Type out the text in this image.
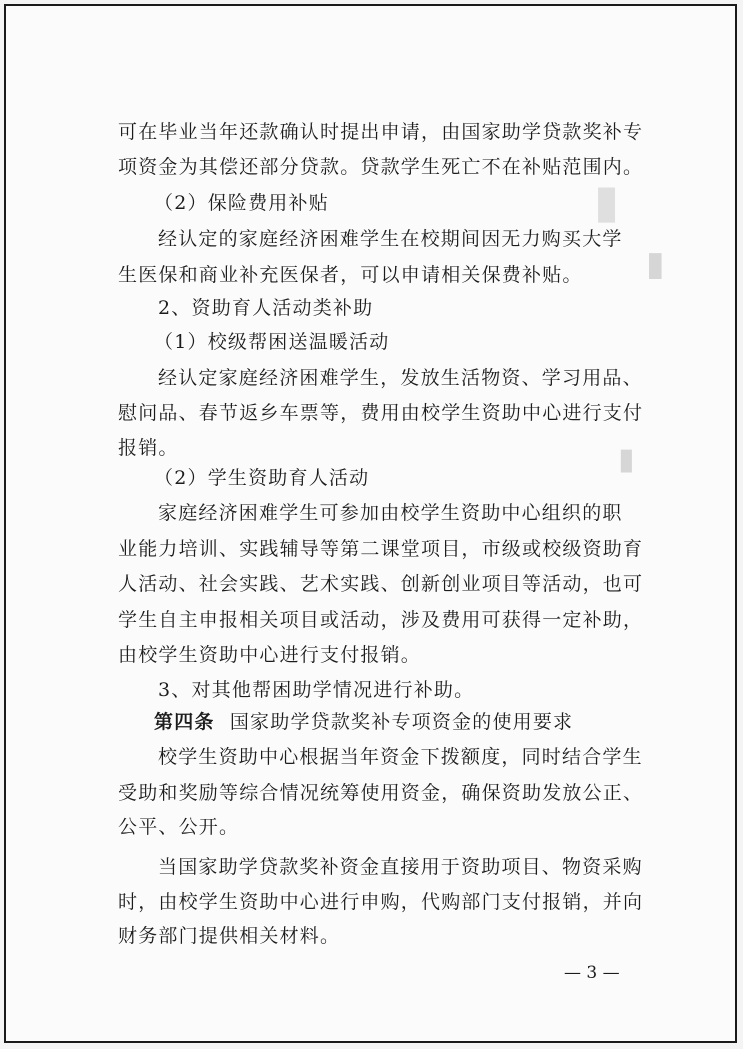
▮
▮
▮
可在毕业当年还款确认时提出申请，由国家助学贷款奖补专
项资金为其偿还部分贷款。贷款学生死亡不在补贴范围内。
（2）保险费用补贴
经认定的家庭经济困难学生在校期间因无力购买大学
生医保和商业补充医保者，可以申请相关保费补贴。
2、资助育人活动类补助
（1）校级帮困送温暖活动
经认定家庭经济困难学生，发放生活物资、学习用品、
慰问品、春节返乡车票等，费用由校学生资助中心进行支付
报销。
（2）学生资助育人活动
家庭经济困难学生可参加由校学生资助中心组织的职
业能力培训、实践辅导等第二课堂项目，市级或校级资助育
人活动、社会实践、艺术实践、创新创业项目等活动，也可
学生自主申报相关项目或活动，涉及费用可获得一定补助，
由校学生资助中心进行支付报销。
3、对其他帮困助学情况进行补助。
第四条 国家助学贷款奖补专项资金的使用要求
校学生资助中心根据当年资金下拨额度，同时结合学生
受助和奖励等综合情况统筹使用资金，确保资助发放公正、
公平、公开。
当国家助学贷款奖补资金直接用于资助项目、物资采购
时，由校学生资助中心进行申购，代购部门支付报销，并向
财务部门提供相关材料。
— 3 —
